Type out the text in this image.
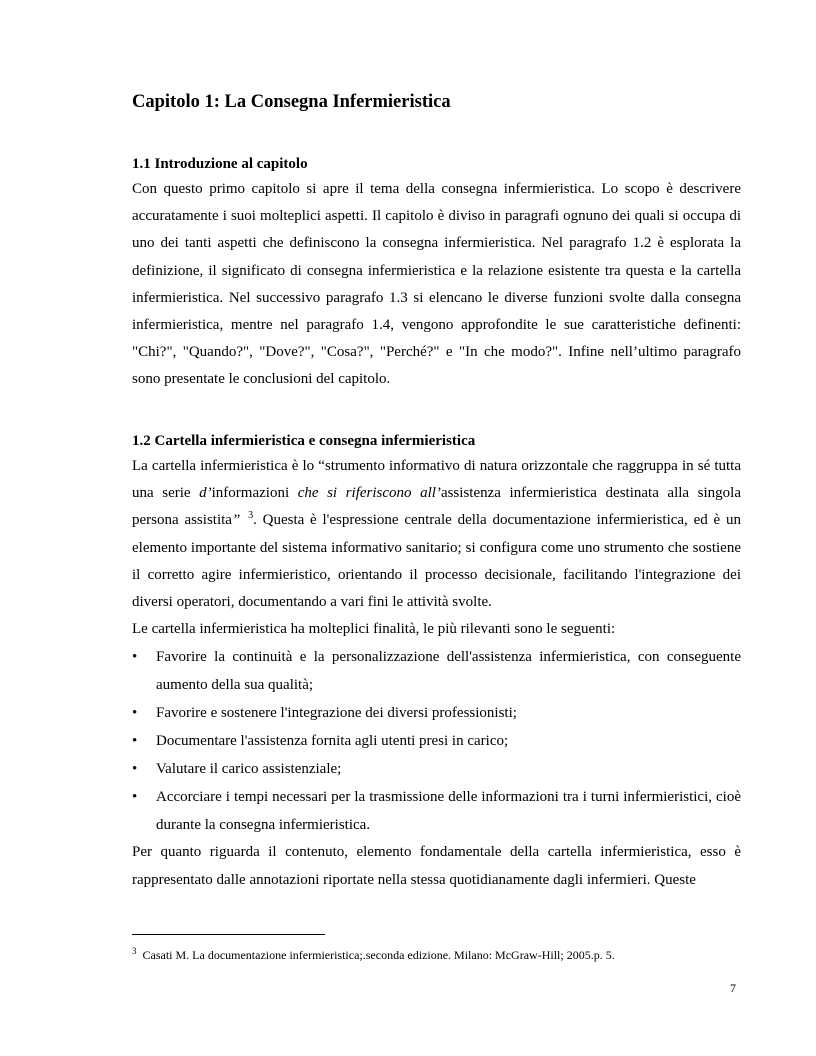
Capitolo 1: La Consegna Infermieristica
1.1 Introduzione al capitolo

Con questo primo capitolo si apre il tema della consegna infermieristica. Lo scopo è descrivere accuratamente i suoi molteplici aspetti. Il capitolo è diviso in paragrafi ognuno dei quali si occupa di uno dei tanti aspetti che definiscono la consegna infermieristica. Nel paragrafo 1.2 è esplorata la definizione, il significato di consegna infermieristica e la relazione esistente tra questa e la cartella infermieristica. Nel successivo paragrafo 1.3 si elencano le diverse funzioni svolte dalla consegna infermieristica, mentre nel paragrafo 1.4, vengono approfondite le sue caratteristiche definenti: "Chi?", "Quando?", "Dove?", "Cosa?", "Perché?" e "In che modo?". Infine nell’ultimo paragrafo sono presentate le conclusioni del capitolo.

1.2 Cartella infermieristica e consegna infermieristica

La cartella infermieristica è lo “strumento informativo di natura orizzontale che raggruppa in sé tutta una serie d’informazioni che si riferiscono all’assistenza infermieristica destinata alla singola persona assistita” $^3$. Questa è l'espressione centrale della documentazione infermieristica, ed è un elemento importante del sistema informativo sanitario; si configura come uno strumento che sostiene il corretto agire infermieristico, orientando il processo decisionale, facilitando l'integrazione dei diversi operatori, documentando a vari fini le attività svolte.

Le cartella infermieristica ha molteplici finalità, le più rilevanti sono le seguenti:

• Favorire la continuità e la personalizzazione dell'assistenza infermieristica, con conseguente aumento della sua qualità;
• Favorire e sostenere l'integrazione dei diversi professionisti;
• Documentare l'assistenza fornita agli utenti presi in carico;
• Valutare il carico assistenziale;
• Accorciare i tempi necessari per la trasmissione delle informazioni tra i turni infermieristici, cioè durante la consegna infermieristica.

Per quanto riguarda il contenuto, elemento fondamentale della cartella infermieristica, esso è rappresentato dalle annotazioni riportate nella stessa quotidianamente dagli infermieri. Queste

$^3$ Casati M. La documentazione infermieristica;.seconda edizione. Milano: McGraw-Hill; 2005.p. 5.
7
